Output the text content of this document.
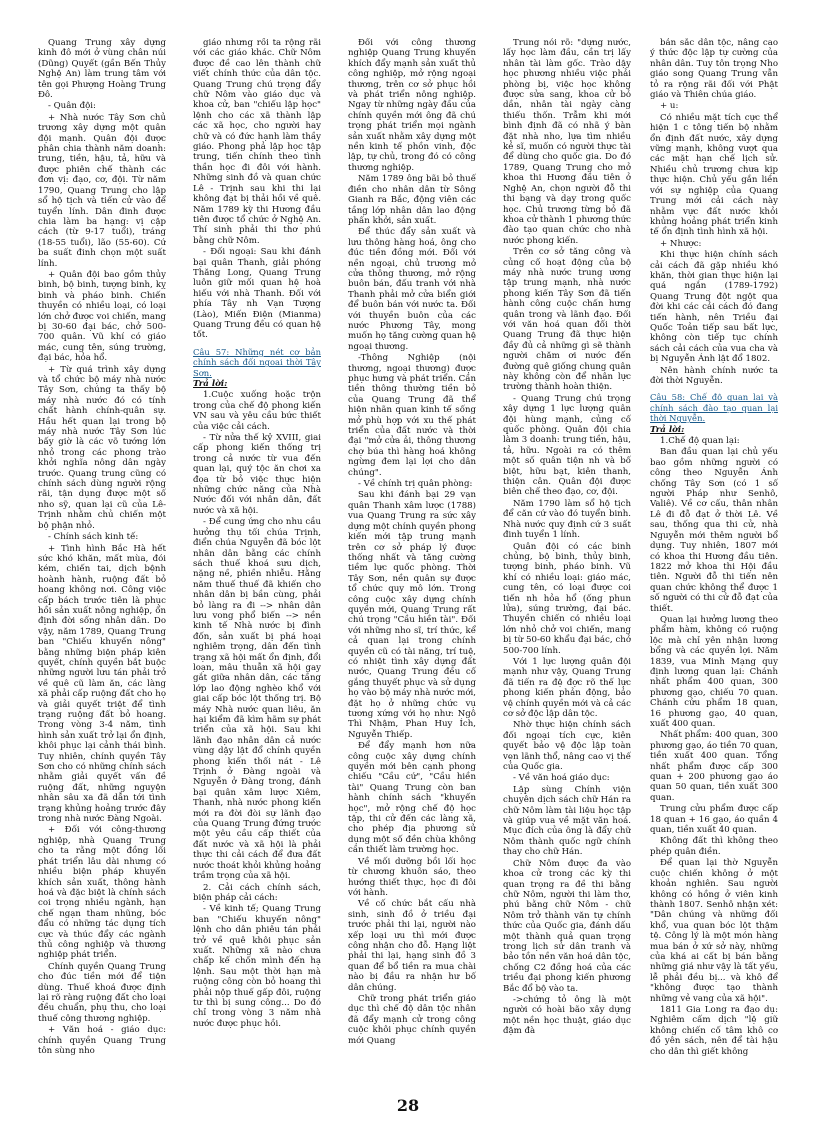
Quang Trung xây dựng kinh đô mới ở vùng chân núi (Dũng) Quyết (gần Bến Thủy Nghệ An) làm trung tâm với tên gọi Phượng Hoàng Trung Đô.

- Quân đội:

+ Nhà nước Tây Sơn chủ trương xây dựng một quân đội mạnh. Quân đội được phân chia thành năm doanh: trung, tiền, hậu, tả, hữu và được phiên chế thành các đơn vị: đạo, cơ, đội. Từ năm 1790, Quang Trung cho lập sổ hộ tịch và tiến cử vào để tuyển lính. Dân đinh được chia làm ba hạng: vị cập cách (từ 9-17 tuổi), tráng (18-55 tuổi), lão (55-60). Cứ ba suất đinh chọn một suất lính.

+ Quân đội bao gồm thủy binh, bộ binh, tượng binh, kỵ binh và pháo binh. Chiến thuyền có nhiều loại, có loại lớn chở được voi chiến, mang bị 30-60 đại bác, chở 500-700 quân. Vũ khí có giáo mác, cung tên, súng trường, đại bác, hỏa hổ.

+ Từ quá trình xây dựng và tổ chức bộ máy nhà nước Tây Sơn, chúng ta thấy bộ máy nhà nước đó có tính chất hành chính-quân sự. Hầu hết quan lại trong bộ máy nhà nước Tây Sơn lúc bấy giờ là các võ tướng lớn nhỏ trong các phong trào khởi nghĩa nông dân ngày trước. Quang trung cũng có chính sách dùng người rộng rãi, tận dụng được một số nho sỹ, quan lại cũ của Lê-Trịnh nhằm chủ chiến một bộ phận nhỏ.

- Chính sách kinh tế:

+ Tình hình Bắc Hà hết sức khó khăn, mất mùa, đói kém, chiến tai, dịch bệnh hoành hành, ruộng đất bỏ hoang không nơi. Công việc cấp bách trước tiên là phục hồi sản xuất nông nghiệp, ổn định đời sống nhân dân. Do vậy, năm 1789, Quang Trung ban "Chiếu khuyến nông" bằng những biện pháp kiên quyết, chính quyền bắt buộc những người lưu tán phải trở về quê cũ làm ăn, các làng xã phải cấp ruộng đất cho họ và giải quyết triệt để tình trạng ruộng đất bỏ hoang. Trong vòng 3-4 năm, tình hình sản xuất trở lại ổn định, khôi phục lại cảnh thái bình. Tuy nhiên, chính quyền Tây Sơn cho có những chính sách nhằm giải quyết vấn đề ruộng đất, những nguyện nhân sâu xa đã dẫn tới tình trạng khủng hoảng trước đây trong nhà nước Đàng Ngoài.

+ Đối với công-thương nghiệp, nhà Quang Trung cho ta rằng một đồng lối phát triển lâu dài nhưng có nhiều biện pháp khuyến khích sản xuất, thông hành hoá và đặc biệt là chính sách coi trọng nhiều ngành, hạn chế ngạn tham nhũng, bóc đẩu có những tác dụng tích cực và thúc đẩy các ngành thủ công nghiệp và thương nghiệp phát triển.

Chính quyền Quang Trung cho đúc tiền mới để tiện dùng. Thuế khoá được định lại rõ ràng ruộng đất cho loại đều chuẩn, phụ thu, cho loại thuế công thương nghiệp.

+ Văn hoá - giáo dục: chính quyền Quang Trung tôn sùng nho

giáo nhưng rồi ta rộng rãi với các giáo khác. Chữ Nôm được đề cao lên thành chữ viết chính thức của dân tộc. Quang Trung chú trọng đẩy chữ Nôm vào giáo dục và khoa cử, ban "chiếu lập học" lệnh cho các xã thành lập các xã học, cho người hay chữ và có đức hạnh làm thầy giáo. Phong phả lập học tập trung, tiến chính theo tình thần học đi đôi với hành. Những sinh đồ và quan chức Lê - Trịnh sau khi thi lại không đạt bị thải hồi về quê. Năm 1789 kỳ thi Hương đầu tiên được tổ chức ở Nghệ An. Thí sinh phải thi thơ phú bằng chữ Nôm.

- Đối ngoại: Sau khi đánh bại quân Thanh, giải phóng Thăng Long, Quang Trung luôn giữ mối quan hệ hoà hiếu với nhà Thanh. Đối với phía Tây nh Vạn Tượng (Lào), Miến Điện (Mianma) Quang Trung đều có quan hệ tốt.

Câu 57: Những nét cơ bản chính sách đối ngoại thời Tây Sơn.

Trả lời:

1.Cuộc xuống hoặc trộn trong của chế độ phong kiến VN sau và yêu cầu bức thiết của việc cải cách.

- Từ nửa thế kỷ XVIII, giai cấp phong kiến thống trị trong cả nước từ vua đến quan lại, quý tộc ăn chơi xa đọa từ bỏ việc thực hiện những chức năng của Nhà Nước đối với nhân dân, đất nước và xã hội.

- Để cung ứng cho nhu cầu hưởng thụ tối chúa Trịnh, điển chúa Nguyễn đã bóc lột nhân dân bằng các chính sách thuế khoá sưu dịch, nặng nề, phiền nhiễu. Hằng năm thuế thuế đã khiến cho nhân dân bị bần cùng, phải bỏ làng ra đi --> nhân dân lưu vong phổ biến --> nền kinh tế Nhà nước bị đình đốn, sản xuất bị phá hoại nghiêm trọng, dân đến tình trạng xã hội mất ổn định, đổi loạn, mâu thuẫn xã hội gay gắt giữa nhân dân, các tầng lớp lao động nghèo khổ với giai cấp bóc lột thống trị. Bộ máy Nhà nước quan liêu, ăn hại kiểm đã kìm hãm sự phát triển của xã hội. Sau khi lãnh đạo nhân dân cả nước vùng dậy lật đổ chính quyền phong kiến thối nát - Lê Trịnh ở Đàng ngoài và Nguyễn ở Đàng trong, đánh bại quân xâm lược Xiêm, Thanh, nhà nước phong kiến mới ra đời đòi sự lãnh đạo của Quang Trung đứng trước một yêu cầu cấp thiết của đất nước và xã hội là phải thực thi cải cách để đưa đất nước thoát khỏi khủng hoảng trầm trọng của xã hội.

2. Cải cách chính sách, biện pháp cải cách:

- Về kinh tế; Quang Trung ban "Chiếu khuyến nông" lệnh cho dân phiêu tán phải trở về quê khôi phục sản xuất. Những xã nào chưa chấp kế chốn mình đến hạ lệnh. Sau một thời hạn mà ruộng công còn bỏ hoang thì phải nộp thuế gấp đôi, ruộng tư thì bị sung công... Do đó chỉ trong vòng 3 năm nhà nước được phục hồi.

Đối với công thương nghiệp Quang Trung khuyến khích đẩy mạnh sản xuất thủ công nghiệp, mở rộng ngoại thương, trên cơ sở phục hồi và phát triển nông nghiệp. Ngay từ những ngày đầu của chính quyền mới ông đã chú trọng phát triển mọi ngành sản xuất nhằm xây dựng một nền kinh tế phồn vinh, độc lập, tự chủ, trong đó có công thương nghiệp.

Năm 1789 ông bãi bỏ thuế điền cho nhân dân từ Sông Gianh ra Bắc, động viên các tầng lớp nhân dân lao động phấn khởi, sản xuất.

Để thúc đẩy sản xuất và lưu thông hàng hoá, ông cho đúc tiền đồng mới. Đối với nền ngoại, chủ trương mở cửa thông thương, mở rộng buôn bán, đấu tranh với nhà Thanh phải mở cửa biển giới để buôn bán với nước ta. Đối với thuyền buôn của các nước Phương Tây, mong muốn họ tăng cường quan hệ ngoại thương.

-Thông Nghiệp (nội thương, ngoại thương) được phục hưng và phát triển. Cần tiền thông thường tiền bỏ của Quang Trung đã thể hiện nhãn quan kinh tế sống mở phù hợp với xu thế phát triển của đất nước và thời đại "mở cửa ải, thông thương chợ búa thì hàng hoá không ngừng đem lại lợi cho dân chúng".

- Về chính trị quân phòng:

Sau khi đánh bại 29 vạn quân Thanh xâm lược (1788) vua Quang Trung ra sức xây dựng một chính quyền phong kiến mới tập trung mạnh trên cơ sở pháp lý được thống nhất và tăng cường tiềm lực quốc phòng. Thời Tây Sơn, nền quân sự được tổ chức quy mô lớn. Trong công cuộc xây dựng chính quyền mới, Quang Trung rất chú trọng "Cầu hiền tài". Đối với những nho sĩ, trí thức, kể cả quan lại trong chính quyền cũ có tài năng, trí tuệ, có nhiệt tình xây dựng đất nước, Quang Trung đều cố gắng thuyết phục và sử dụng họ vào bộ máy nhà nước mới, đặt họ ở những chức vụ tương xứng với họ như: Ngô Thì Nhậm, Phan Huy Ích, Nguyễn Thiếp.

Để đẩy mạnh hơn nữa công cuộc xây dựng chính quyền mới bên cạnh phong chiếu "Cầu cứ", "Cầu hiền tài" Quang Trung còn ban hành chính sách "khuyến học", mở rộng chế độ học tập, thi cử đến các làng xã, cho phép địa phương sử dụng một số đền chùa không cần thiết làm trường học.

Về mối dưỡng bồi lối học từ chương khuôn sáo, theo hướng thiết thực, học đi đôi với hành.

Về cố chức bắt cấu nhà sinh, sinh đồ ở triều đại trước phải thi lại, người nào xếp loại ưu thì mới được công nhận cho đỗ. Hạng liệt phải thi lại, hạng sinh đồ 3 quan để bổ tiền ra mua chài nào bị đầu ra nhận hư bố dân chúng.

Chữ trong phát triển giáo dục thì chế độ dân tộc nhân đã đẩy mạnh cử trong công cuộc khôi phục chính quyền mới Quang

Trung nói rõ: "dựng nước, lấy học làm đầu, cần trị lấy nhân tài làm gốc. Trào dậy học phương nhiều việc phải phòng bị, việc học không được sửa sang, khoa cử bỏ dần, nhân tài ngày càng thiếu thốn. Trẫm khi mới bình định đã có nhã ý bàn đặt nhà nho, lựa tìm nhiều kẻ sĩ, muốn có người thực tài để dùng cho quốc gia. Do đó 1789, Quang Trung cho mở khoa thi Hương đầu tiên ở Nghệ An, chọn người đỗ thi thi bạng và dạy trong quốc học. Chủ trương từng bỏ đã khoa cử thành 1 phương thức đào tạo quan chức cho nhà nước phong kiến.

Trên cơ sở tăng công và củng cố hoạt động của bộ máy nhà nước trung ương tập trung mạnh, nhà nước phong kiến Tây Sơn đã tiến hành công cuộc chấn hưng quân trong và lãnh đạo. Đối với văn hoá quan đối thời Quang Trung đã thực hiện đầy đủ cả những gì sẽ thành người chăm ơi nước đến đường quê giống chung quân này không còn để nhân lực trường thành hoàn thiện.

- Quang Trung chú trọng xây dựng 1 lực lượng quân đội hùng mạnh, củng cố quốc phòng. Quân đội chia làm 3 doanh: trung tiền, hậu, tả, hữu. Ngoài ra có thêm một số quân tiện nh và bố biệt, hữu bạt, kiên thanh, thiện cân. Quân đội được biên chế theo đạo, cơ, đội.

Năm 1790 làm sổ hộ tịch để căn cứ vào đó tuyển binh. Nhà nước quy định cứ 3 suất đinh tuyển 1 lính.

Quân đội có các binh chủng, bộ binh, thủy binh, tượng binh, pháo binh. Vũ khí có nhiều loại: giáo mác, cung tên, có loại được coi tiến nh hỏa hổ (ống phun lửa), súng trường, đại bác. Thuyền chiến có nhiều loại lớn nhỏ chở voi chiến, mang bị từ 50-60 khẩu đại bác, chở 500-700 lính.

Với 1 lực lượng quân đội mạnh như vậy, Quang Trung đã tiến ra đệ đợc rõ thế lực phong kiến phản động, bảo vệ chính quyền mới và cả các cơ sở độc lập dân tộc.

Nhờ thực hiện chính sách đối ngoại tích cực, kiên quyết bảo vệ độc lập toàn vẹn lãnh thổ, nâng cao vị thế của Quốc gia.

- Về văn hoá giáo dục:

Lập sùng Chính viện chuyên dịch sách chữ Hán ra chữ Nôm làm tài liệu học tập và giúp vua về mặt văn hoá. Mục đích của ông là đẩy chữ Nôm thành quốc ngữ chính thay cho chữ Hán.

Chữ Nôm được đa vào khoa cử trong các kỳ thi quan trọng ra đề thi bằng chữ Nôm, người thi làm thơ, phú bằng chữ Nôm - chữ Nôm trở thành văn tự chính thức của Quốc gia, đánh dấu một thành quả quan trọng trong lịch sử dân tranh và bảo tồn nền văn hoá dân tộc, chống C2 đồng hoá của các triều đại phong kiến phương Bắc đổ bộ vào ta.

->chứng tỏ ông là một người có hoài bão xây dựng một nền học thuật, giáo dục đậm đà

bản sắc dân tộc, nâng cao ý thức độc lập tự cường của nhân dân. Tuy tôn trọng Nho giáo song Quang Trung vẫn tỏ ra rộng rãi đối với Phật giáo và Thiên chúa giáo.

+ u:

Có nhiều mặt tích cực thể hiện 1 c tông tiến bộ nhằm ổn định đất nước, xây dựng vững mạnh, không vượt qua các mặt hạn chế lịch sử. Nhiều chủ trương chưa kịp thực hiện. Chủ yếu gắn liền với sự nghiệp của Quang Trung mới cải cách này nhằm vực đất nước khỏi khủng hoảng phát triển kinh tế ổn định tình hình xã hội.

+ Nhược:

Khi thực hiện chính sách cải cách đã gặp nhiều khó khăn, thời gian thực hiện lại quá ngắn (1789-1792) Quang Trung đột ngột qua đời khi các cải cách đó đang tiến hành, nên Triều đại Quốc Toản tiếp sau bất lực, không còn tiếp tục chính sách cải cách của vua cha và bị Nguyễn Ánh lật đổ 1802.

Nên hành chính nước ta đời thời Nguyễn.

Câu 58: Chế độ quan lại và chính sách đào tạo quan lại thời Nguyễn.

Trả lời:

1.Chế độ quan lại:

Ban đầu quan lại chủ yếu bao gồm những người có công theo Nguyễn Ánh chống Tây Sơn (có 1 số người Pháp như Senhô, Valiê). Về cơ cấu, thân nhân Lê đi đỗ đạt ở thời Lê. Về sau, thống qua thi cử, nhà Nguyễn mới thêm người bổ dụng. Tuy nhiên, 1807 mới có khoa thi Hương đầu tiên. 1822 mở khoa thi Hội đầu tiên. Người đỗ thi tiến nên quan chức không thể được 1 số người có thi cử đỗ đạt của thiết.

Quan lại hưởng lương theo phẩm hàm, không có ruộng lộc mà chỉ yên nhận lương bổng và các quyền lợi. Năm 1839, vua Minh Mạng quy định lương quan lại: Chánh nhất phẩm 400 quan, 300 phương gạo, chiếu 70 quan. Chánh cửu phẩm 18 quan, 16 phương gạo, 40 quan, xuất 400 quan.

Nhất phẩm: 400 quan, 300 phương gạo, áo tiền 70 quan, tiền xuất 400 quan. Tổng nhất phẩm được cấp 300 quan + 200 phương gạo áo quan 50 quan, tiền xuất 300 quan.

Trung cửu phẩm được cấp 18 quan + 16 gạo, áo quần 4 quan, tiền xuất 40 quan.

Không đất thì không theo phép quân điền.

Để quan lại thờ Nguyễn cuộc chiến không ở một khoản nghiên. Sau người không có hồng ở viên kinh thành 1807. Senhô nhận xét: "Dân chúng và những đối khổ, vua quan bóc lột thậm tệ. Công lý là một món hàng mua bán ở xứ sở này, những của khá ai cất bị bán bằng những giá như vậy là tất yếu, lễ phải đều bị... và khô để "không được tạo thành những vẻ vang của xã hội".

1811 Gia Long ra đạo dụ: Nghiêm cấm dịch "lệ giữ không chiến cố tâm khô cơ đồ yên sách, nên để tài hậu cho dân thì giết không

28
